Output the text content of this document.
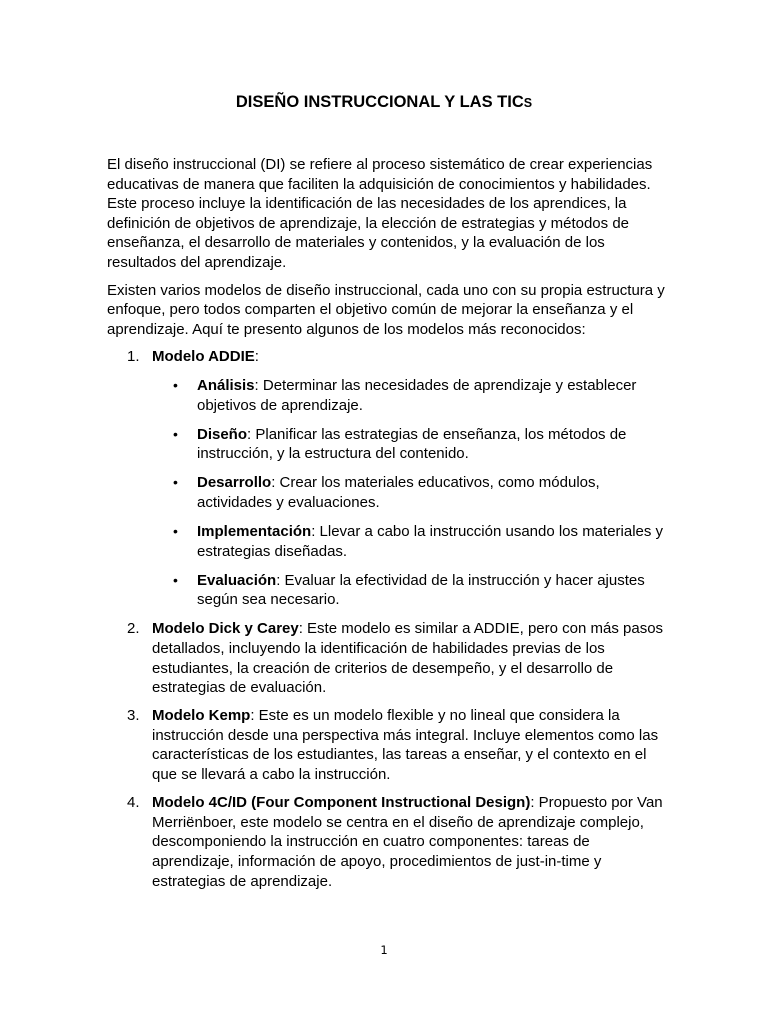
DISEÑO INSTRUCCIONAL Y LAS TICS

El diseño instruccional (DI) se refiere al proceso sistemático de crear experiencias educativas de manera que faciliten la adquisición de conocimientos y habilidades. Este proceso incluye la identificación de las necesidades de los aprendices, la definición de objetivos de aprendizaje, la elección de estrategias y métodos de enseñanza, el desarrollo de materiales y contenidos, y la evaluación de los resultados del aprendizaje.

Existen varios modelos de diseño instruccional, cada uno con su propia estructura y enfoque, pero todos comparten el objetivo común de mejorar la enseñanza y el aprendizaje. Aquí te presento algunos de los modelos más reconocidos:

1. Modelo ADDIE:
• Análisis: Determinar las necesidades de aprendizaje y establecer objetivos de aprendizaje.
• Diseño: Planificar las estrategias de enseñanza, los métodos de instrucción, y la estructura del contenido.
• Desarrollo: Crear los materiales educativos, como módulos, actividades y evaluaciones.
• Implementación: Llevar a cabo la instrucción usando los materiales y estrategias diseñadas.
• Evaluación: Evaluar la efectividad de la instrucción y hacer ajustes según sea necesario.
2. Modelo Dick y Carey: Este modelo es similar a ADDIE, pero con más pasos detallados, incluyendo la identificación de habilidades previas de los estudiantes, la creación de criterios de desempeño, y el desarrollo de estrategias de evaluación.
3. Modelo Kemp: Este es un modelo flexible y no lineal que considera la instrucción desde una perspectiva más integral. Incluye elementos como las características de los estudiantes, las tareas a enseñar, y el contexto en el que se llevará a cabo la instrucción.
4. Modelo 4C/ID (Four Component Instructional Design): Propuesto por Van Merriënboer, este modelo se centra en el diseño de aprendizaje complejo, descomponiendo la instrucción en cuatro componentes: tareas de aprendizaje, información de apoyo, procedimientos de just-in-time y estrategias de aprendizaje.

1
